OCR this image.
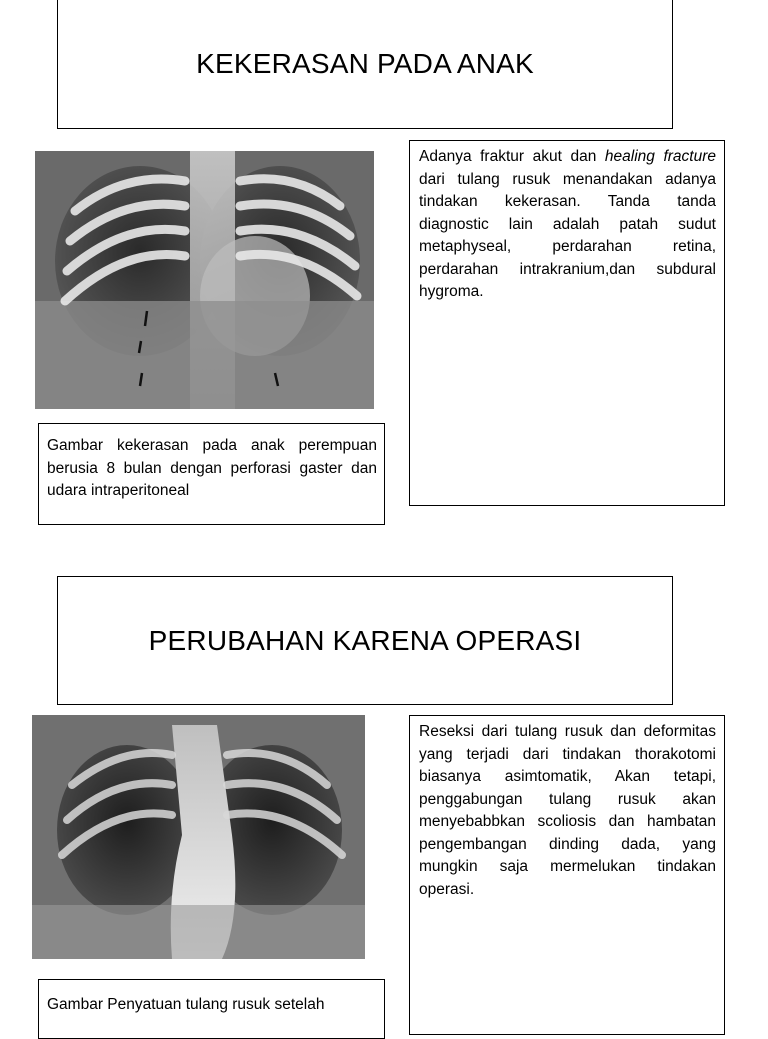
KEKERASAN PADA ANAK
Adanya fraktur akut dan healing fracture dari tulang rusuk menandakan adanya tindakan kekerasan. Tanda tanda diagnostic lain adalah patah sudut metaphyseal, perdarahan retina, perdarahan intrakranium,dan subdural hygroma.
Gambar kekerasan pada anak perempuan berusia 8 bulan dengan perforasi gaster dan udara intraperitoneal
PERUBAHAN KARENA OPERASI
Reseksi dari tulang rusuk dan deformitas yang terjadi dari tindakan thorakotomi biasanya asimtomatik, Akan tetapi, penggabungan tulang rusuk akan menyebabbkan scoliosis dan hambatan pengembangan dinding dada, yang mungkin saja mermelukan tindakan operasi.
Gambar Penyatuan tulang rusuk setelah
